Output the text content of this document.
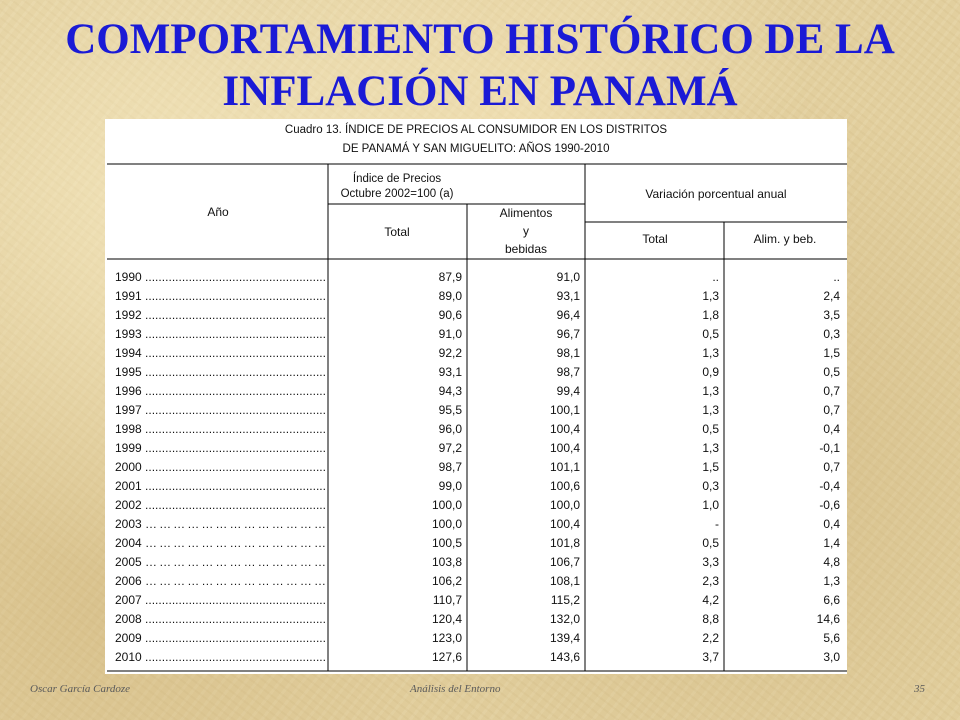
COMPORTAMIENTO HISTÓRICO DE LA
INFLACIÓN EN PANAMÁ
Cuadro 13. ÍNDICE DE PRECIOS AL CONSUMIDOR EN LOS DISTRITOS
DE PANAMÁ Y SAN MIGUELITO: AÑOS 1990-2010
Año
Índice de Precios
Octubre 2002=100 (a)
Total
Alimentos
y
bebidas
Variación porcentual anual
Total	Alim. y beb.
1990 ......................................................	87,9	91,0	..	..
1991 ......................................................	89,0	93,1	1,3	2,4
1992 ......................................................	90,6	96,4	1,8	3,5
1993 ......................................................	91,0	96,7	0,5	0,3
1994 ......................................................	92,2	98,1	1,3	1,5
1995 ......................................................	93,1	98,7	0,9	0,5
1996 ......................................................	94,3	99,4	1,3	0,7
1997 ......................................................	95,5	100,1	1,3	0,7
1998 ......................................................	96,0	100,4	0,5	0,4
1999 ......................................................	97,2	100,4	1,3	-0,1
2000 ......................................................	98,7	101,1	1,5	0,7
2001 ......................................................	99,0	100,6	0,3	-0,4
2002 ......................................................	100,0	100,0	1,0	-0,6
2003 …………………………………	100,0	100,4	-	0,4
2004 …………………………………	100,5	101,8	0,5	1,4
2005 …………………………………	103,8	106,7	3,3	4,8
2006 …………………………………	106,2	108,1	2,3	1,3
2007 ......................................................	110,7	115,2	4,2	6,6
2008 ......................................................	120,4	132,0	8,8	14,6
2009 ......................................................	123,0	139,4	2,2	5,6
2010 ......................................................	127,6	143,6	3,7	3,0
Oscar García Cardoze	Análisis del Entorno	35
